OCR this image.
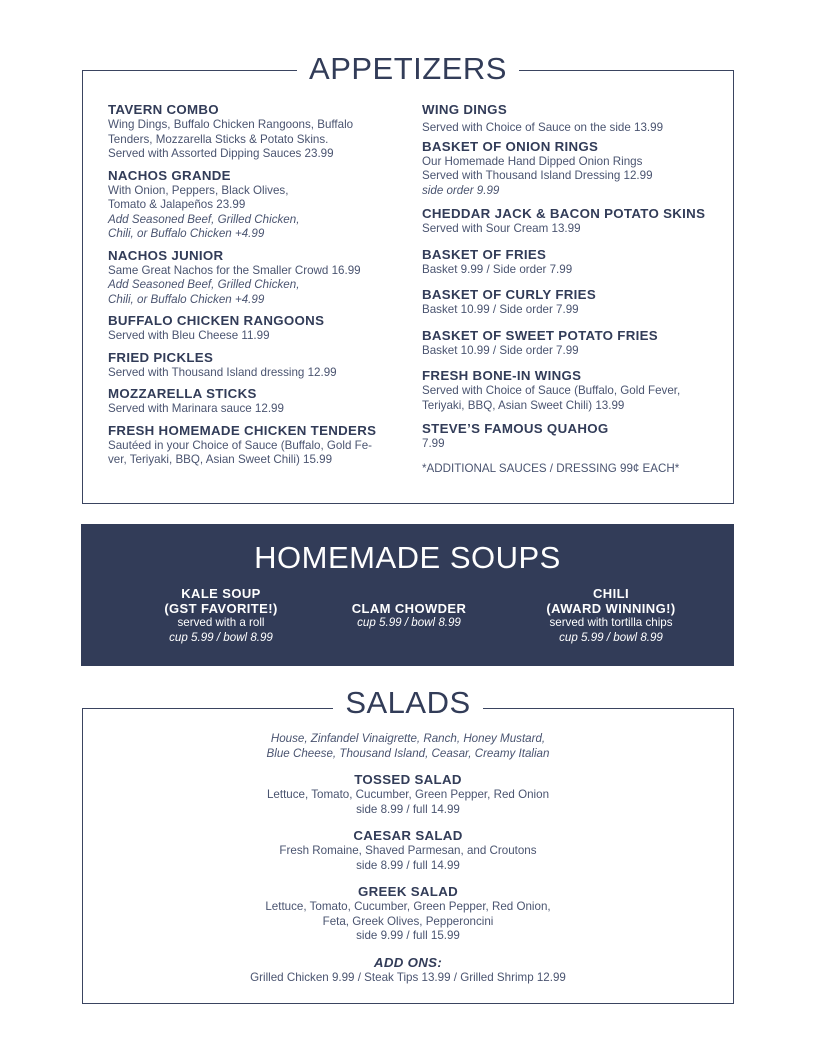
APPETIZERS
TAVERN COMBO
Wing Dings, Buffalo Chicken Rangoons, Buffalo
Tenders, Mozzarella Sticks & Potato Skins.
Served with Assorted Dipping Sauces 23.99
NACHOS GRANDE
With Onion, Peppers, Black Olives,
Tomato & Jalapeños 23.99
Add Seasoned Beef, Grilled Chicken,
Chili, or Buffalo Chicken +4.99
NACHOS JUNIOR
Same Great Nachos for the Smaller Crowd 16.99
Add Seasoned Beef, Grilled Chicken,
Chili, or Buffalo Chicken +4.99
BUFFALO CHICKEN RANGOONS
Served with Bleu Cheese 11.99
FRIED PICKLES
Served with Thousand Island dressing 12.99
MOZZARELLA STICKS
Served with Marinara sauce 12.99
FRESH HOMEMADE CHICKEN TENDERS
Sautéed in your Choice of Sauce (Buffalo, Gold Fe-
ver, Teriyaki, BBQ, Asian Sweet Chili) 15.99
WING DINGS
Served with Choice of Sauce on the side 13.99
BASKET OF ONION RINGS
Our Homemade Hand Dipped Onion Rings
Served with Thousand Island Dressing 12.99
side order 9.99
CHEDDAR JACK & BACON POTATO SKINS
Served with Sour Cream 13.99
BASKET OF FRIES
Basket 9.99 / Side order 7.99
BASKET OF CURLY FRIES
Basket 10.99 / Side order 7.99
BASKET OF SWEET POTATO FRIES
Basket 10.99 / Side order 7.99
FRESH BONE-IN WINGS
Served with Choice of Sauce (Buffalo, Gold Fever,
Teriyaki, BBQ, Asian Sweet Chili) 13.99
STEVE’S FAMOUS QUAHOG
7.99
*ADDITIONAL SAUCES / DRESSING 99¢ EACH*
HOMEMADE SOUPS
KALE SOUP
(GST FAVORITE!)
served with a roll
cup 5.99 / bowl 8.99
CLAM CHOWDER
cup 5.99 / bowl 8.99
CHILI
(AWARD WINNING!)
served with tortilla chips
cup 5.99 / bowl 8.99
SALADS
House, Zinfandel Vinaigrette, Ranch, Honey Mustard,
Blue Cheese, Thousand Island, Ceasar, Creamy Italian
TOSSED SALAD
Lettuce, Tomato, Cucumber, Green Pepper, Red Onion
side 8.99 / full 14.99
CAESAR SALAD
Fresh Romaine, Shaved Parmesan, and Croutons
side 8.99 / full 14.99
GREEK SALAD
Lettuce, Tomato, Cucumber, Green Pepper, Red Onion,
Feta, Greek Olives, Pepperoncini
side 9.99 / full 15.99
ADD ONS:
Grilled Chicken 9.99 / Steak Tips 13.99 / Grilled Shrimp 12.99
